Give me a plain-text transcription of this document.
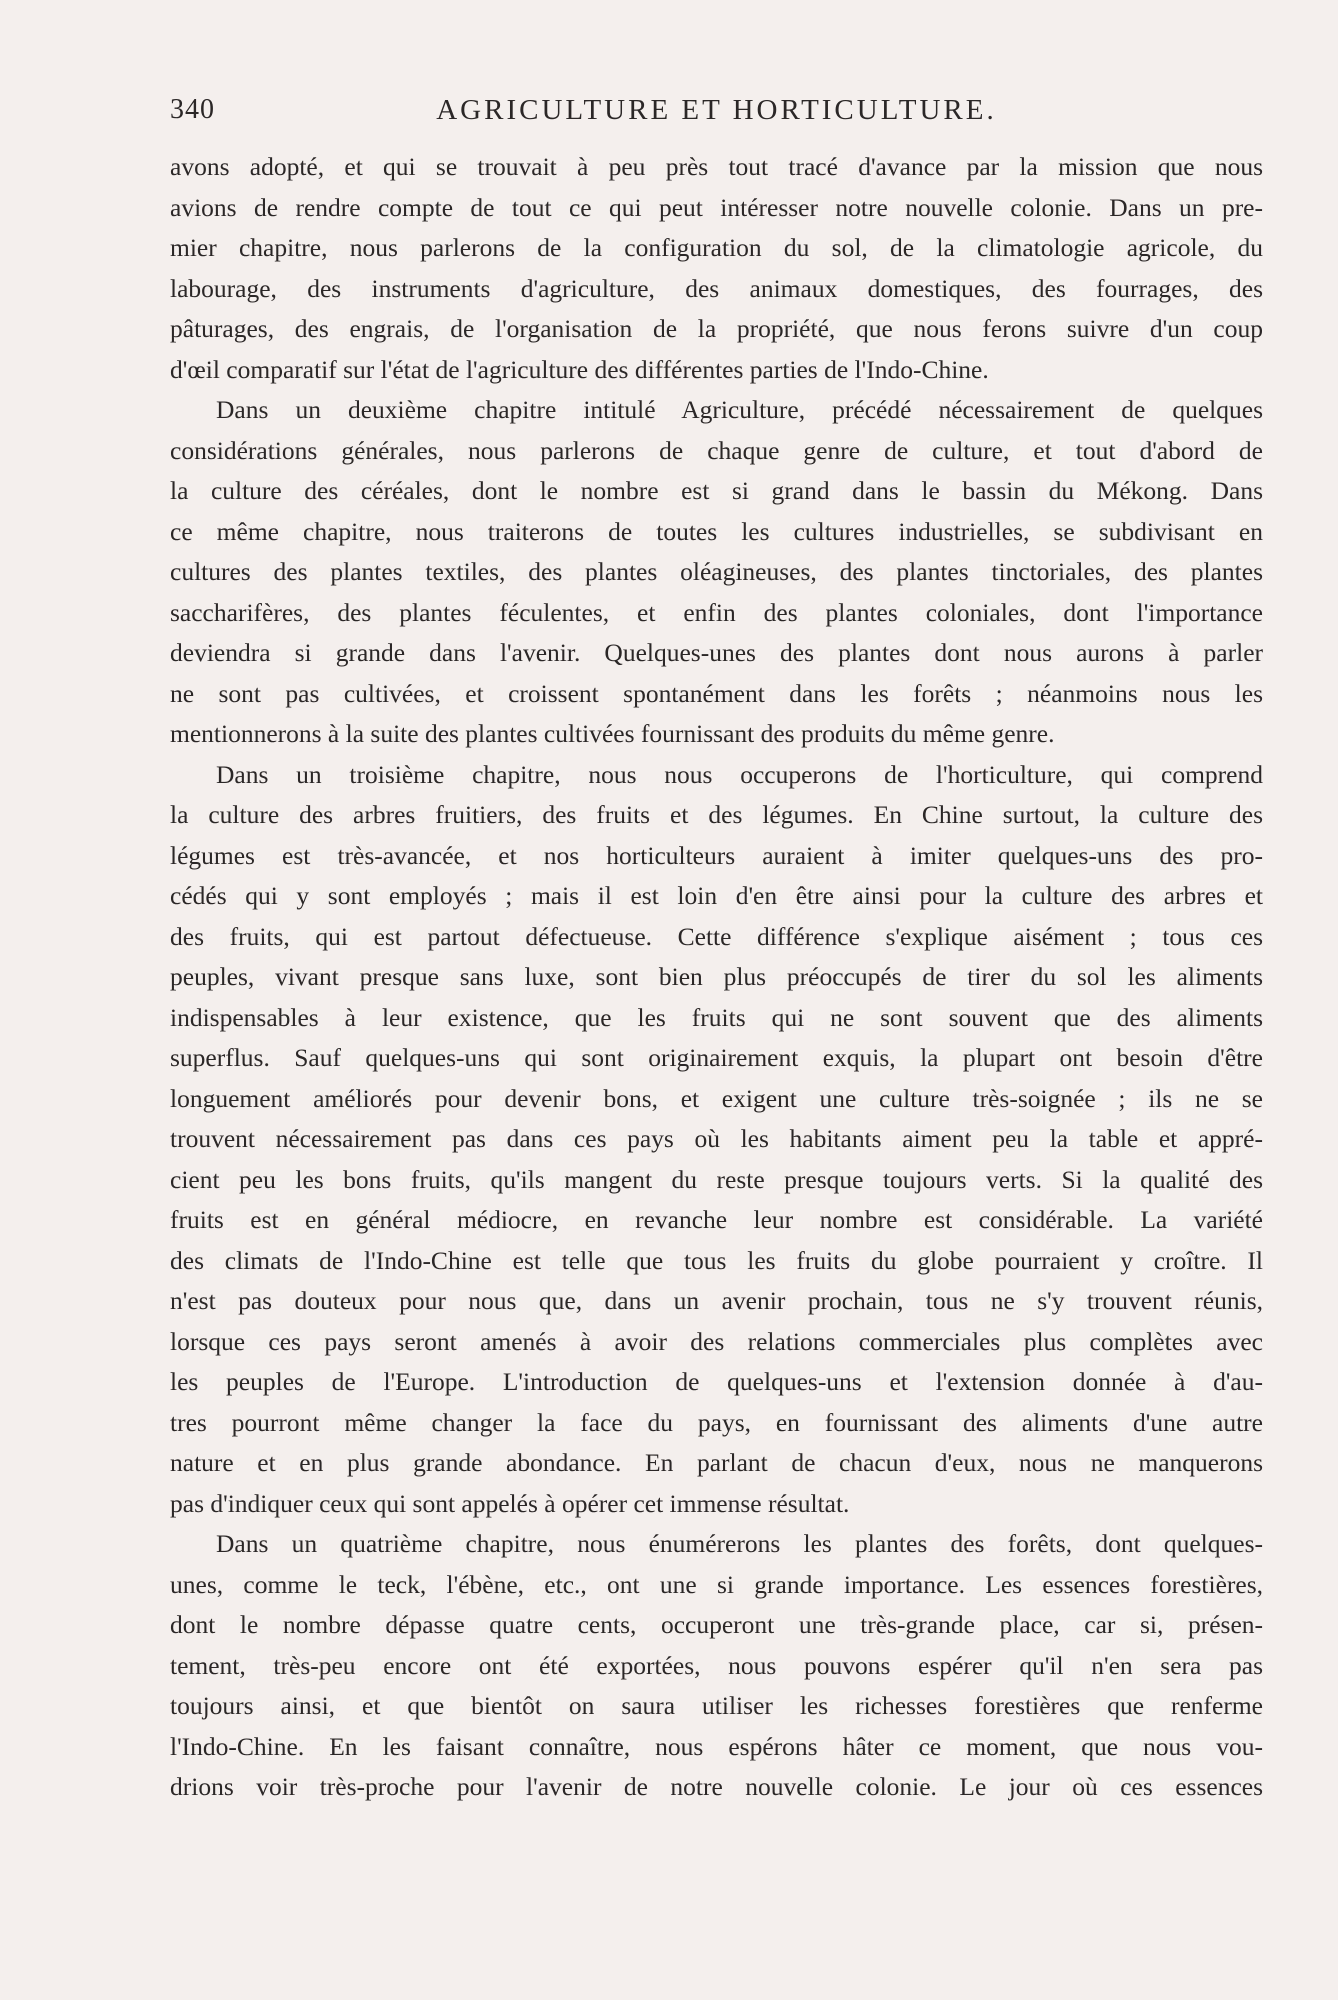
340	AGRICULTURE ET HORTICULTURE.
avons adopté, et qui se trouvait à peu près tout tracé d'avance par la mission que nous
avions de rendre compte de tout ce qui peut intéresser notre nouvelle colonie. Dans un pre-
mier chapitre, nous parlerons de la configuration du sol, de la climatologie agricole, du
labourage, des instruments d'agriculture, des animaux domestiques, des fourrages, des
pâturages, des engrais, de l'organisation de la propriété, que nous ferons suivre d'un coup
d'œil comparatif sur l'état de l'agriculture des différentes parties de l'Indo-Chine.
Dans un deuxième chapitre intitulé Agriculture, précédé nécessairement de quelques
considérations générales, nous parlerons de chaque genre de culture, et tout d'abord de
la culture des céréales, dont le nombre est si grand dans le bassin du Mékong. Dans
ce même chapitre, nous traiterons de toutes les cultures industrielles, se subdivisant en
cultures des plantes textiles, des plantes oléagineuses, des plantes tinctoriales, des plantes
saccharifères, des plantes féculentes, et enfin des plantes coloniales, dont l'importance
deviendra si grande dans l'avenir. Quelques-unes des plantes dont nous aurons à parler
ne sont pas cultivées, et croissent spontanément dans les forêts ; néanmoins nous les
mentionnerons à la suite des plantes cultivées fournissant des produits du même genre.
Dans un troisième chapitre, nous nous occuperons de l'horticulture, qui comprend
la culture des arbres fruitiers, des fruits et des légumes. En Chine surtout, la culture des
légumes est très-avancée, et nos horticulteurs auraient à imiter quelques-uns des pro-
cédés qui y sont employés ; mais il est loin d'en être ainsi pour la culture des arbres et
des fruits, qui est partout défectueuse. Cette différence s'explique aisément ; tous ces
peuples, vivant presque sans luxe, sont bien plus préoccupés de tirer du sol les aliments
indispensables à leur existence, que les fruits qui ne sont souvent que des aliments
superflus. Sauf quelques-uns qui sont originairement exquis, la plupart ont besoin d'être
longuement améliorés pour devenir bons, et exigent une culture très-soignée ; ils ne se
trouvent nécessairement pas dans ces pays où les habitants aiment peu la table et appré-
cient peu les bons fruits, qu'ils mangent du reste presque toujours verts. Si la qualité des
fruits est en général médiocre, en revanche leur nombre est considérable. La variété
des climats de l'Indo-Chine est telle que tous les fruits du globe pourraient y croître. Il
n'est pas douteux pour nous que, dans un avenir prochain, tous ne s'y trouvent réunis,
lorsque ces pays seront amenés à avoir des relations commerciales plus complètes avec
les peuples de l'Europe. L'introduction de quelques-uns et l'extension donnée à d'au-
tres pourront même changer la face du pays, en fournissant des aliments d'une autre
nature et en plus grande abondance. En parlant de chacun d'eux, nous ne manquerons
pas d'indiquer ceux qui sont appelés à opérer cet immense résultat.
Dans un quatrième chapitre, nous énumérerons les plantes des forêts, dont quelques-
unes, comme le teck, l'ébène, etc., ont une si grande importance. Les essences forestières,
dont le nombre dépasse quatre cents, occuperont une très-grande place, car si, présen-
tement, très-peu encore ont été exportées, nous pouvons espérer qu'il n'en sera pas
toujours ainsi, et que bientôt on saura utiliser les richesses forestières que renferme
l'Indo-Chine. En les faisant connaître, nous espérons hâter ce moment, que nous vou-
drions voir très-proche pour l'avenir de notre nouvelle colonie. Le jour où ces essences
